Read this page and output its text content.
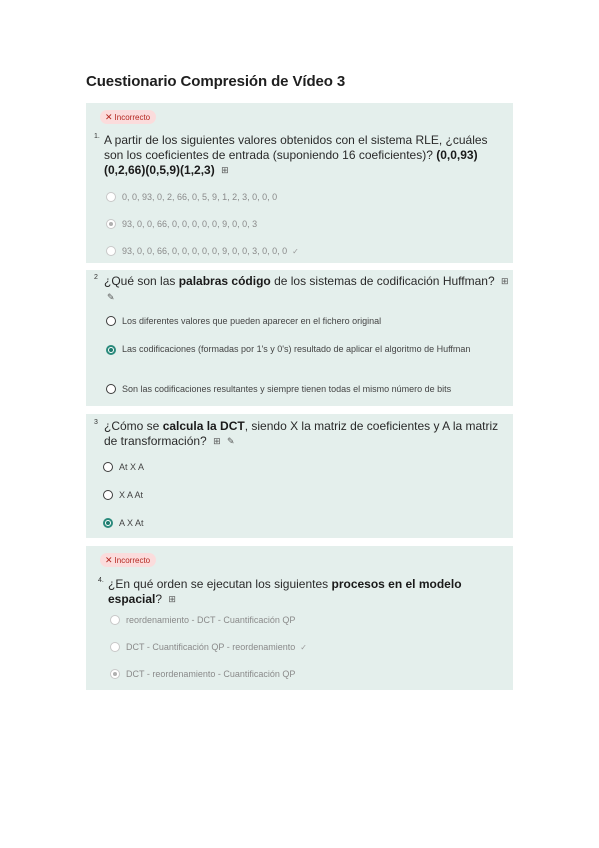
Cuestionario Compresión de Vídeo 3
✕ Incorrecto
1. A partir de los siguientes valores obtenidos con el sistema RLE, ¿cuáles son los coeficientes de entrada (suponiendo 16 coeficientes)? (0,0,93)(0,2,66)(0,5,9)(1,2,3) ⊞
0, 0, 93, 0, 2, 66, 0, 5, 9, 1, 2, 3, 0, 0, 0
93, 0, 0, 66, 0, 0, 0, 0, 0, 9, 0, 0, 3
93, 0, 0, 66, 0, 0, 0, 0, 0, 9, 0, 0, 3, 0, 0, 0 ✓
2 ¿Qué son las palabras código de los sistemas de codificación Huffman? ⊞ ✎
Los diferentes valores que pueden aparecer en el fichero original
Las codificaciones (formadas por 1's y 0's) resultado de aplicar el algoritmo de Huffman
Son las codificaciones resultantes y siempre tienen todas el mismo número de bits
3 ¿Cómo se calcula la DCT, siendo X la matriz de coeficientes y A la matriz de transformación? ⊞ ✎
At X A
X A At
A X At
✕ Incorrecto
4. ¿En qué orden se ejecutan los siguientes procesos en el modelo espacial? ⊞
reordenamiento - DCT - Cuantificación QP
DCT - Cuantificación QP - reordenamiento ✓
DCT - reordenamiento - Cuantificación QP
